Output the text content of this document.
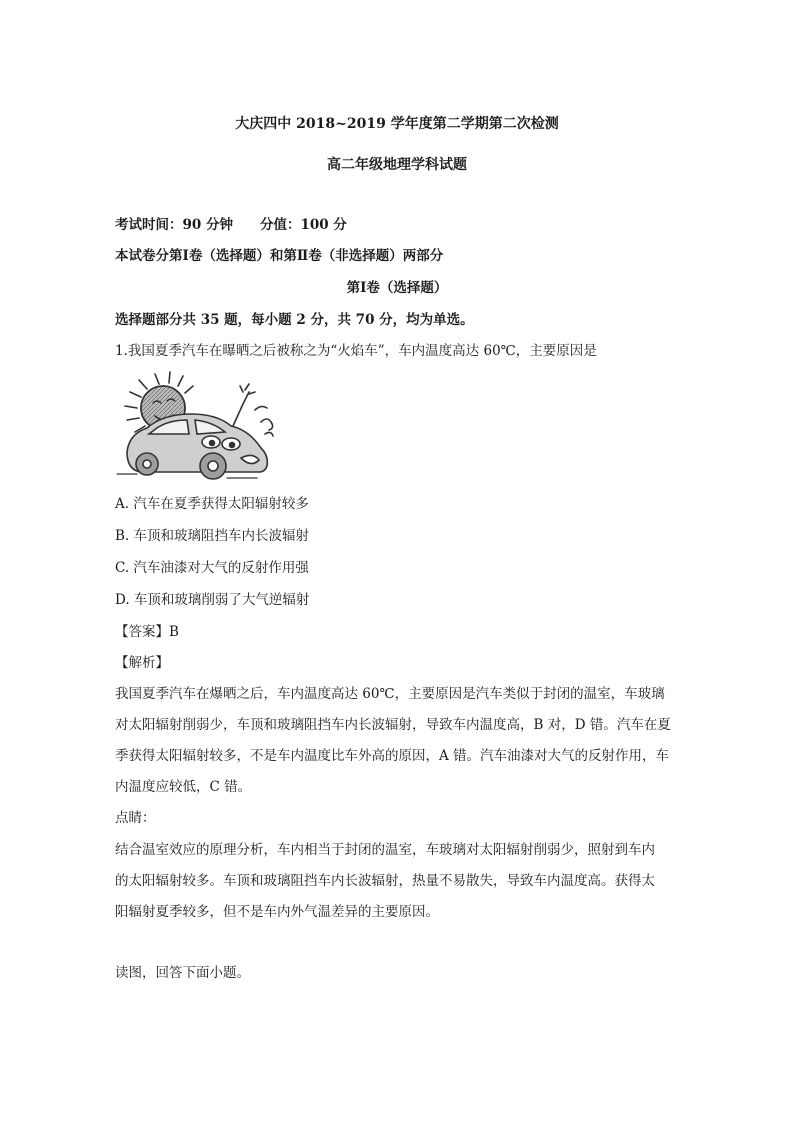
大庆四中 2018~2019 学年度第二学期第二次检测
高二年级地理学科试题
考试时间：90 分钟　　分值：100 分
本试卷分第Ⅰ卷（选择题）和第Ⅱ卷（非选择题）两部分
第Ⅰ卷（选择题）
选择题部分共 35 题，每小题 2 分，共 70 分，均为单选。
1.我国夏季汽车在曝晒之后被称之为“火焰车”，车内温度高达 60℃，主要原因是
A. 汽车在夏季获得太阳辐射较多
B. 车顶和玻璃阻挡车内长波辐射
C. 汽车油漆对大气的反射作用强
D. 车顶和玻璃削弱了大气逆辐射
【答案】B
【解析】
我国夏季汽车在爆晒之后，车内温度高达 60℃，主要原因是汽车类似于封闭的温室，车玻璃
对太阳辐射削弱少，车顶和玻璃阻挡车内长波辐射，导致车内温度高，B 对，D 错。汽车在夏
季获得太阳辐射较多，不是车内温度比车外高的原因，A 错。汽车油漆对大气的反射作用，车
内温度应较低，C 错。
点睛：
结合温室效应的原理分析，车内相当于封闭的温室，车玻璃对太阳辐射削弱少，照射到车内
的太阳辐射较多。车顶和玻璃阻挡车内长波辐射，热量不易散失，导致车内温度高。获得太
阳辐射夏季较多，但不是车内外气温差异的主要原因。
读图，回答下面小题。
